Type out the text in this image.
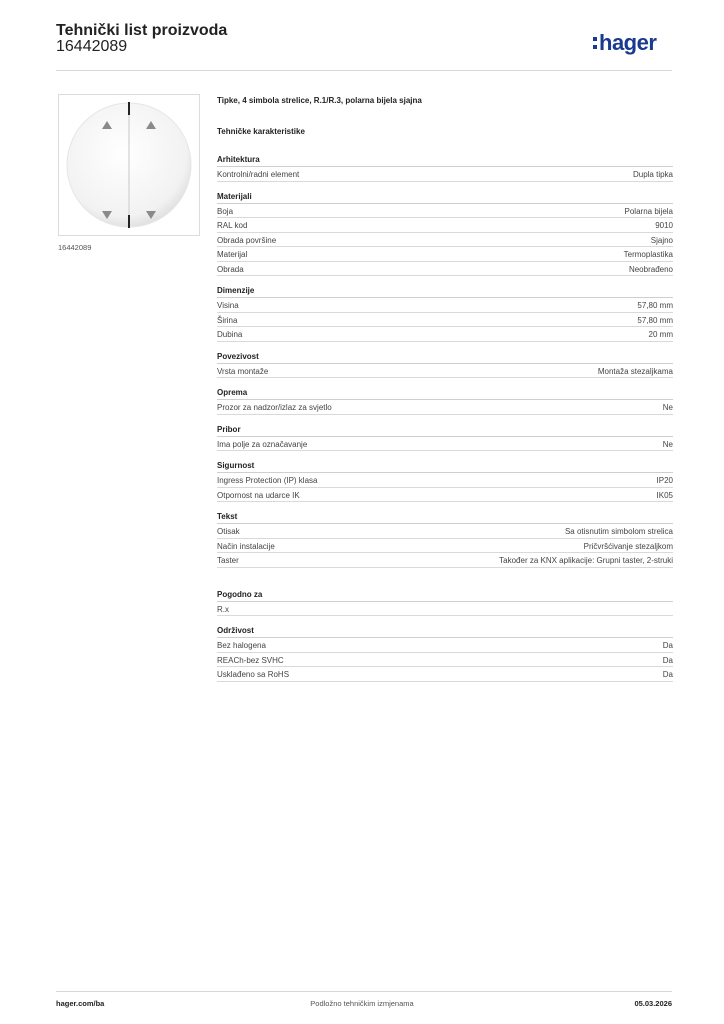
Tehnički list proizvoda
16442089	hager
16442089
Tipke, 4 simbola strelice, R.1/R.3, polarna bijela sjajna
Tehničke karakteristike
Arhitektura
Kontrolni/radni element	Dupla tipka
Materijali
Boja	Polarna bijela
RAL kod	9010
Obrada površine	Sjajno
Materijal	Termoplastika
Obrada	Neobrađeno
Dimenzije
Visina	57,80 mm
Širina	57,80 mm
Dubina	20 mm
Povezivost
Vrsta montaže	Montaža stezaljkama
Oprema
Prozor za nadzor/izlaz za svjetlo	Ne
Pribor
Ima polje za označavanje	Ne
Sigurnost
Ingress Protection (IP) klasa	IP20
Otpornost na udarce IK	IK05
Tekst
Otisak	Sa otisnutim simbolom strelica
Način instalacije	Pričvršćivanje stezaljkom
Taster	Također za KNX aplikacije: Grupni taster, 2-struki
Pogodno za
R.x
Održivost
Bez halogena	Da
REACh-bez SVHC	Da
Usklađeno sa RoHS	Da
hager.com/ba	Podložno tehničkim izmjenama	05.03.2026
